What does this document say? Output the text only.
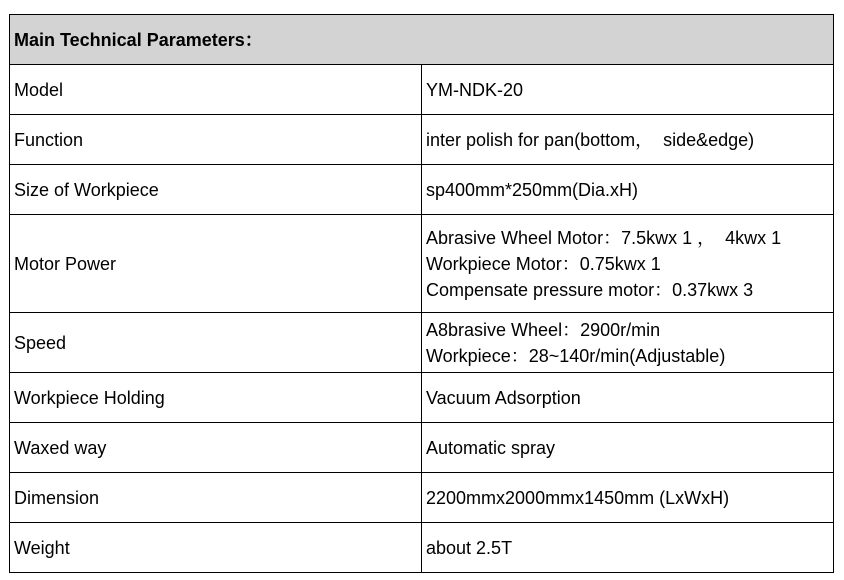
Main Technical Parameters：	
Model	YM-NDK-20

Function	inter polish for pan(bottom，  side&edge)

Size of Workpiece	sp400mm*250mm(Dia.xH)

Motor Power	Abrasive Wheel Motor：7.5kwx 1 ，  4kwx 1
Workpiece Motor：0.75kwx 1
Compensate pressure motor：0.37kwx 3

Speed	A8brasive Wheel：2900r/min
Workpiece：28~140r/min(Adjustable)

Workpiece Holding	Vacuum Adsorption

Waxed way	Automatic spray

Dimension	2200mmx2000mmx1450mm (LxWxH)

Weight	about 2.5T
